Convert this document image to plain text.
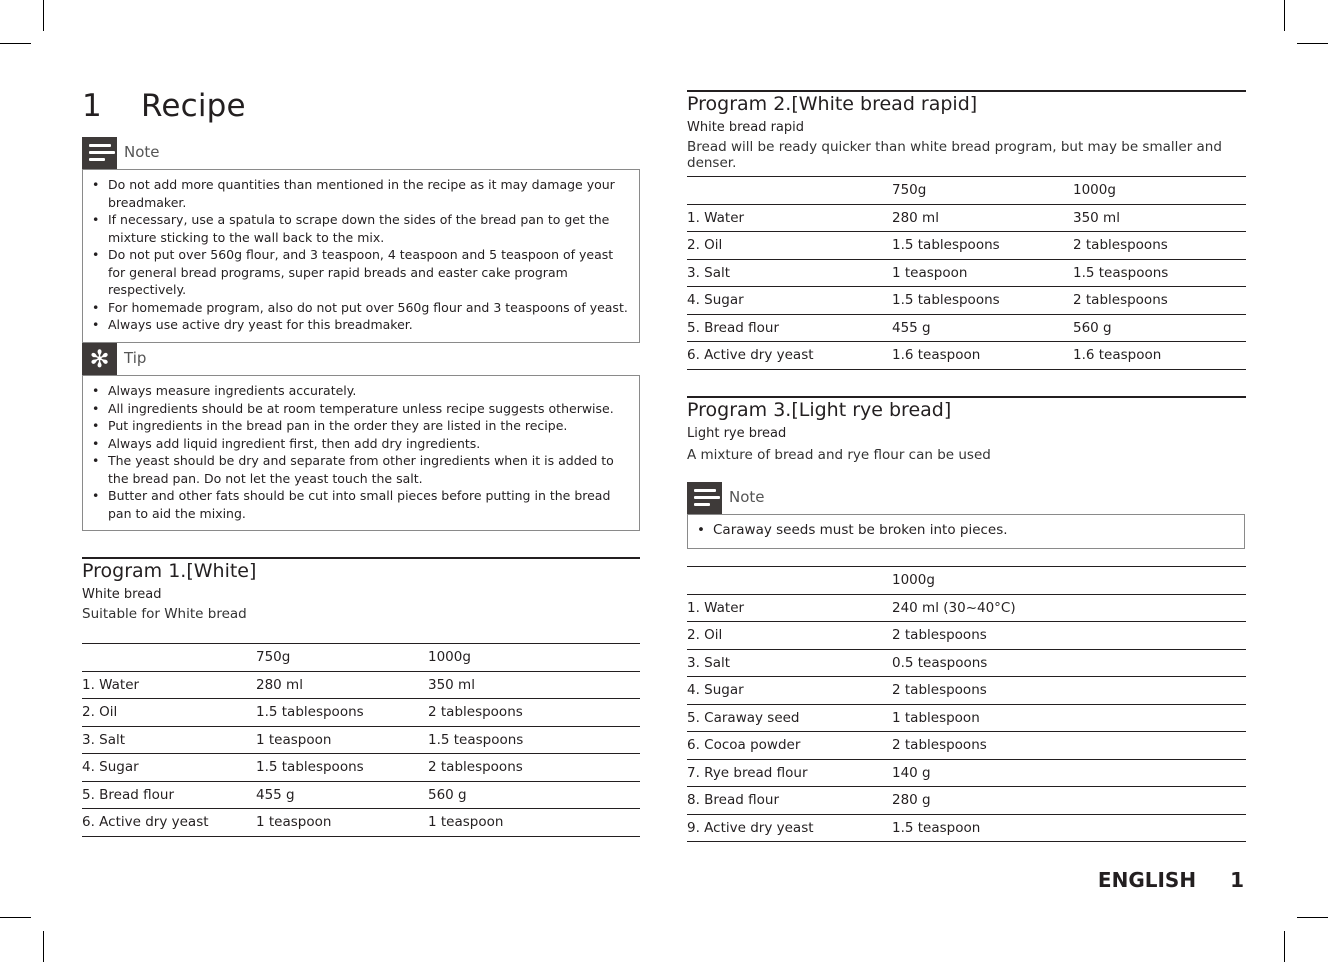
1 Recipe
Note
• Do not add more quantities than mentioned in the recipe as it may damage your breadmaker.
• If necessary, use a spatula to scrape down the sides of the bread pan to get the mixture sticking to the wall back to the mix.
• Do not put over 560g flour, and 3 teaspoon, 4 teaspoon and 5 teaspoon of yeast for general bread programs, super rapid breads and easter cake program respectively.
• For homemade program, also do not put over 560g flour and 3 teaspoons of yeast.
• Always use active dry yeast for this breadmaker.
✻ Tip
• Always measure ingredients accurately.
• All ingredients should be at room temperature unless recipe suggests otherwise.
• Put ingredients in the bread pan in the order they are listed in the recipe.
• Always add liquid ingredient first, then add dry ingredients.
• The yeast should be dry and separate from other ingredients when it is added to the bread pan. Do not let the yeast touch the salt.
• Butter and other fats should be cut into small pieces before putting in the bread pan to aid the mixing.
Program 1.[White]
White bread
Suitable for White bread
	750g	1000g
1. Water	280 ml	350 ml
2. Oil	1.5 tablespoons	2 tablespoons
3. Salt	1 teaspoon	1.5 teaspoons
4. Sugar	1.5 tablespoons	2 tablespoons
5. Bread flour	455 g	560 g
6. Active dry yeast	1 teaspoon	1 teaspoon
Program 2.[White bread rapid]
White bread rapid
Bread will be ready quicker than white bread program, but may be smaller and denser.
	750g	1000g
1. Water	280 ml	350 ml
2. Oil	1.5 tablespoons	2 tablespoons
3. Salt	1 teaspoon	1.5 teaspoons
4. Sugar	1.5 tablespoons	2 tablespoons
5. Bread flour	455 g	560 g
6. Active dry yeast	1.6 teaspoon	1.6 teaspoon
Program 3.[Light rye bread]
Light rye bread
A mixture of bread and rye flour can be used
Note
• Caraway seeds must be broken into pieces.
	1000g
1. Water	240 ml (30~40°C)
2. Oil	2 tablespoons
3. Salt	0.5 teaspoons
4. Sugar	2 tablespoons
5. Caraway seed	1 tablespoon
6. Cocoa powder	2 tablespoons
7. Rye bread flour	140 g
8. Bread flour	280 g
9. Active dry yeast	1.5 teaspoon
ENGLISH 1
